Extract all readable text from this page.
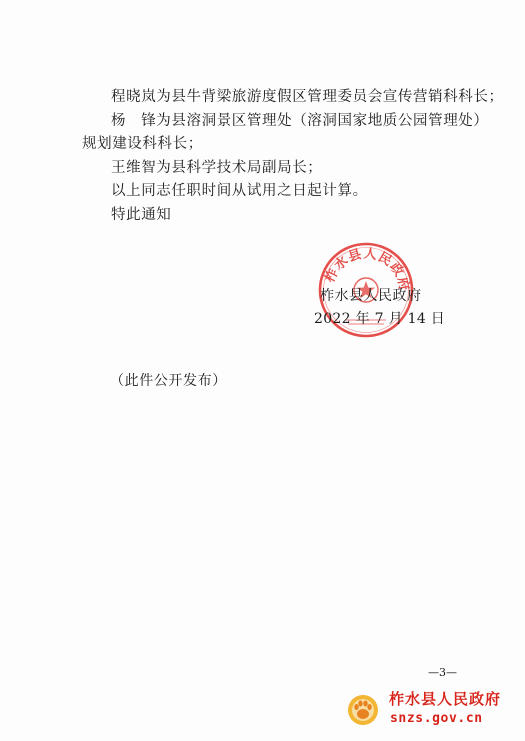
程晓岚为县牛背梁旅游度假区管理委员会宣传营销科科长；

杨　锋为县溶洞景区管理处（溶洞国家地质公园管理处）规划建设科科长；

王维智为县科学技术局副局长；

以上同志任职时间从试用之日起计算。

特此通知

柞水县人民政府
柞水县人民政府
2022 年 7 月 14 日
（此件公开发布）
—3—
柞水县人民政府
snzs.gov.cn
